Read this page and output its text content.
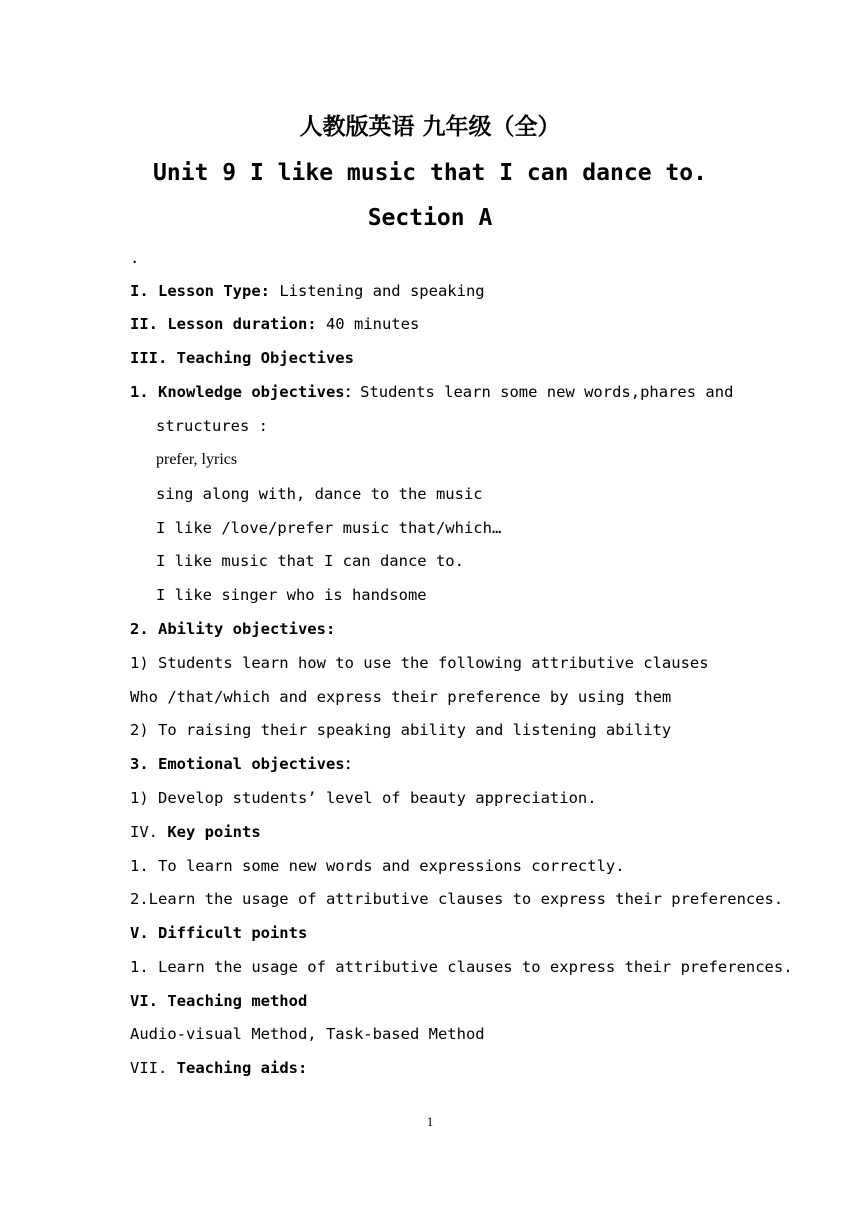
人教版英语 九年级（全）
Unit 9 I like music that I can dance to.
Section A
.
I. Lesson Type: Listening and speaking
II. Lesson duration: 40 minutes
III. Teaching Objectives
1. Knowledge objectives：Students learn some new words,phares and
structures :
prefer, lyrics
sing along with, dance to the music
I like /love/prefer music that/which…
I like music that I can dance to.
I like singer who is handsome
2. Ability objectives:
1) Students learn how to use the following attributive clauses
Who /that/which and express their preference by using them
2) To raising their speaking ability and listening ability
3. Emotional objectives：
1) Develop students’ level of beauty appreciation.
IV. Key points
1. To learn some new words and expressions correctly.
2.Learn the usage of attributive clauses to express their preferences.
V. Difficult points
1. Learn the usage of attributive clauses to express their preferences.
VI. Teaching method
Audio-visual Method, Task-based Method
VII. Teaching aids:
1
